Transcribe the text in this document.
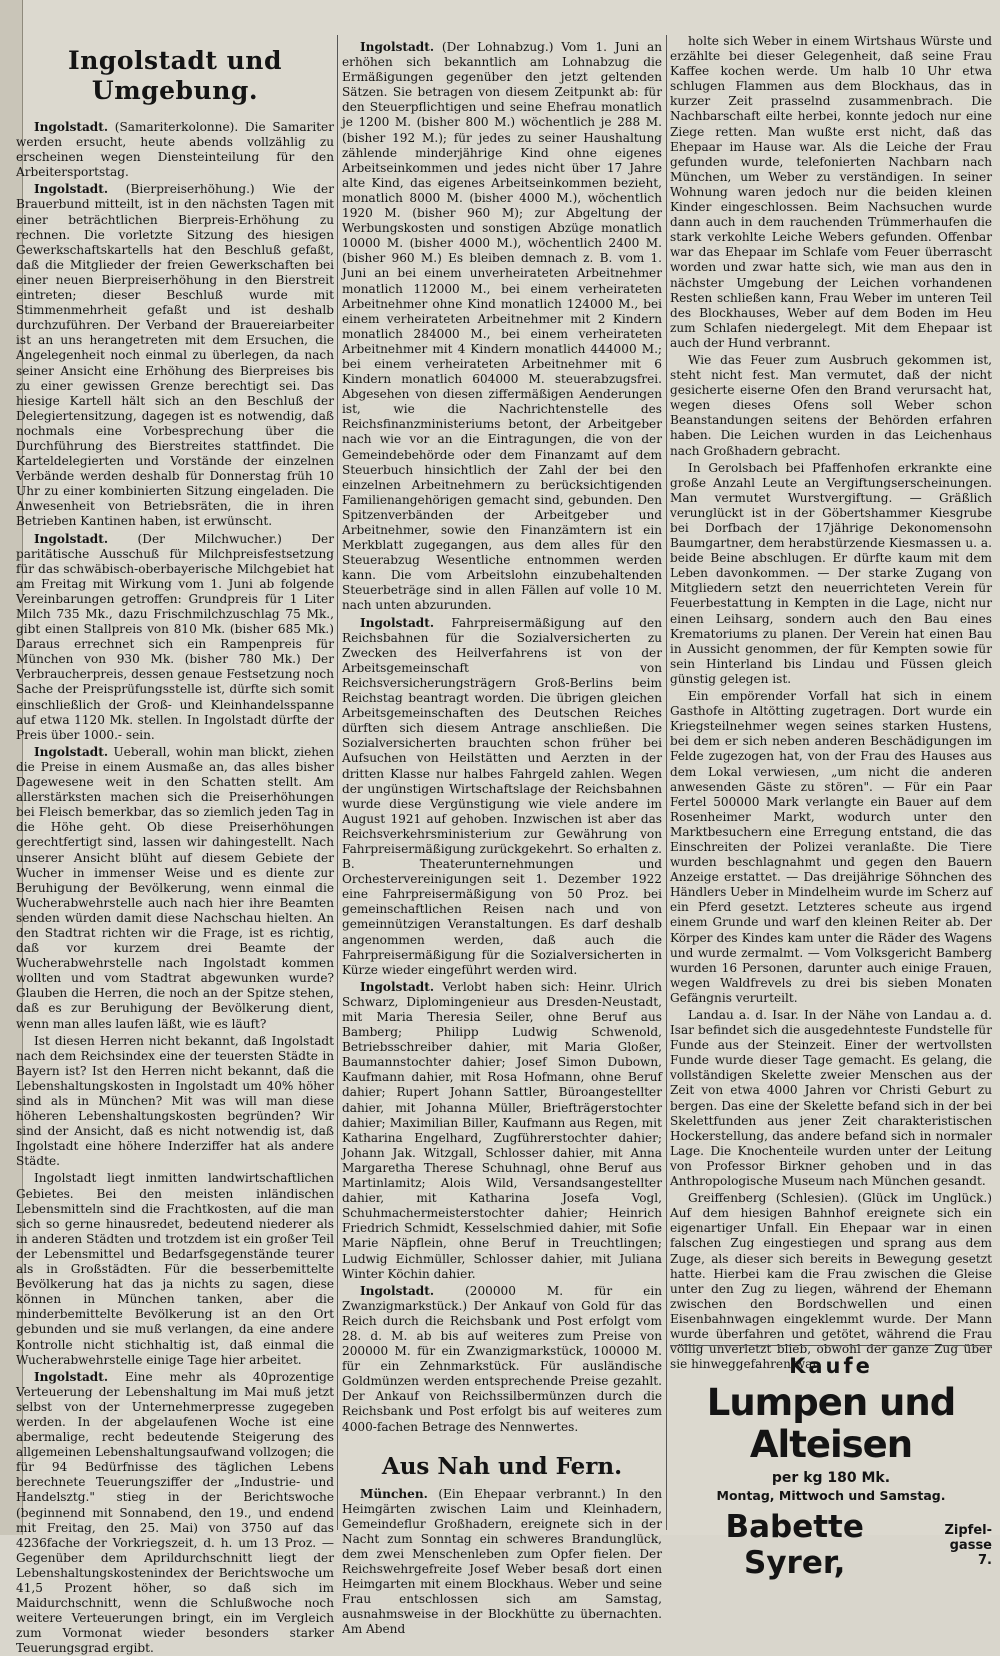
Ingolstadt und Umgebung.

Ingolstadt. (Samariterkolonne). Die Samariter werden ersucht, heute abends vollzählig zu erscheinen wegen Diensteinteilung für den Arbeitersportstag.

Ingolstadt. (Bierpreiserhöhung.) Wie der Brauerbund mitteilt, ist in den nächsten Tagen mit einer beträchtlichen Bierpreis-Erhöhung zu rechnen. Die vorletzte Sitzung des hiesigen Gewerkschaftskartells hat den Beschluß gefaßt, daß die Mitglieder der freien Gewerkschaften bei einer neuen Bierpreiserhöhung in den Bierstreit eintreten; dieser Beschluß wurde mit Stimmenmehrheit gefaßt und ist deshalb durchzuführen. Der Verband der Brauereiarbeiter ist an uns herangetreten mit dem Ersuchen, die Angelegenheit noch einmal zu überlegen, da nach seiner Ansicht eine Erhöhung des Bierpreises bis zu einer gewissen Grenze berechtigt sei. Das hiesige Kartell hält sich an den Beschluß der Delegiertensitzung, dagegen ist es notwendig, daß nochmals eine Vorbesprechung über die Durchführung des Bierstreites stattfindet. Die Karteldelegierten und Vorstände der einzelnen Verbände werden deshalb für Donnerstag früh 10 Uhr zu einer kombinierten Sitzung eingeladen. Die Anwesenheit von Betriebsräten, die in ihren Betrieben Kantinen haben, ist erwünscht.

Ingolstadt. (Der Milchwucher.) Der paritätische Ausschuß für Milchpreisfestsetzung für das schwäbisch-oberbayerische Milchgebiet hat am Freitag mit Wirkung vom 1. Juni ab folgende Vereinbarungen getroffen: Grundpreis für 1 Liter Milch 735 Mk., dazu Frischmilchzuschlag 75 Mk., gibt einen Stallpreis von 810 Mk. (bisher 685 Mk.) Daraus errechnet sich ein Rampenpreis für München von 930 Mk. (bisher 780 Mk.) Der Verbraucherpreis, dessen genaue Festsetzung noch Sache der Preisprüfungsstelle ist, dürfte sich somit einschließlich der Groß- und Kleinhandelsspanne auf etwa 1120 Mk. stellen. In Ingolstadt dürfte der Preis über 1000.- sein.

Ingolstadt. Ueberall, wohin man blickt, ziehen die Preise in einem Ausmaße an, das alles bisher Dagewesene weit in den Schatten stellt. Am allerstärksten machen sich die Preiserhöhungen bei Fleisch bemerkbar, das so ziemlich jeden Tag in die Höhe geht. Ob diese Preiserhöhungen gerechtfertigt sind, lassen wir dahingestellt. Nach unserer Ansicht blüht auf diesem Gebiete der Wucher in immenser Weise und es diente zur Beruhigung der Bevölkerung, wenn einmal die Wucherabwehrstelle auch nach hier ihre Beamten senden würden damit diese Nachschau hielten. An den Stadtrat richten wir die Frage, ist es richtig, daß vor kurzem drei Beamte der Wucherabwehrstelle nach Ingolstadt kommen wollten und vom Stadtrat abgewunken wurde? Glauben die Herren, die noch an der Spitze stehen, daß es zur Beruhigung der Bevölkerung dient, wenn man alles laufen läßt, wie es läuft?

Ist diesen Herren nicht bekannt, daß Ingolstadt nach dem Reichsindex eine der teuersten Städte in Bayern ist? Ist den Herren nicht bekannt, daß die Lebenshaltungskosten in Ingolstadt um 40% höher sind als in München? Mit was will man diese höheren Lebenshaltungskosten begründen? Wir sind der Ansicht, daß es nicht notwendig ist, daß Ingolstadt eine höhere Inderziffer hat als andere Städte.

Ingolstadt liegt inmitten landwirtschaftlichen Gebietes. Bei den meisten inländischen Lebensmitteln sind die Frachtkosten, auf die man sich so gerne hinausredet, bedeutend niederer als in anderen Städten und trotzdem ist ein großer Teil der Lebensmittel und Bedarfsgegenstände teurer als in Großstädten. Für die besserbemittelte Bevölkerung hat das ja nichts zu sagen, diese können in München tanken, aber die minderbemittelte Bevölkerung ist an den Ort gebunden und sie muß verlangen, da eine andere Kontrolle nicht stichhaltig ist, daß einmal die Wucherabwehrstelle einige Tage hier arbeitet.

Ingolstadt. Eine mehr als 40prozentige Verteuerung der Lebenshaltung im Mai muß jetzt selbst von der Unternehmerpresse zugegeben werden. In der abgelaufenen Woche ist eine abermalige, recht bedeutende Steigerung des allgemeinen Lebenshaltungsaufwand vollzogen; die für 94 Bedürfnisse des täglichen Lebens berechnete Teuerungsziffer der „Industrie- und Handelsztg." stieg in der Berichtswoche (beginnend mit Sonnabend, den 19., und endend mit Freitag, den 25. Mai) von 3750 auf das 4236fache der Vorkriegszeit, d. h. um 13 Proz. — Gegenüber dem Aprildurchschnitt liegt der Lebenshaltungskostenindex der Berichtswoche um 41,5 Prozent höher, so daß sich im Maidurchschnitt, wenn die Schlußwoche noch weitere Verteuerungen bringt, ein im Vergleich zum Vormonat wieder besonders starker Teuerungsgrad ergibt.

Ingolstadt. (Der Lohnabzug.) Vom 1. Juni an erhöhen sich bekanntlich am Lohnabzug die Ermäßigungen gegenüber den jetzt geltenden Sätzen. Sie betragen von diesem Zeitpunkt ab: für den Steuerpflichtigen und seine Ehefrau monatlich je 1200 M. (bisher 800 M.) wöchentlich je 288 M. (bisher 192 M.); für jedes zu seiner Haushaltung zählende minderjährige Kind ohne eigenes Arbeitseinkommen und jedes nicht über 17 Jahre alte Kind, das eigenes Arbeitseinkommen bezieht, monatlich 8000 M. (bisher 4000 M.), wöchentlich 1920 M. (bisher 960 M); zur Abgeltung der Werbungskosten und sonstigen Abzüge monatlich 10000 M. (bisher 4000 M.), wöchentlich 2400 M. (bisher 960 M.) Es bleiben demnach z. B. vom 1. Juni an bei einem unverheirateten Arbeitnehmer monatlich 112000 M., bei einem verheirateten Arbeitnehmer ohne Kind monatlich 124000 M., bei einem verheirateten Arbeitnehmer mit 2 Kindern monatlich 284000 M., bei einem verheirateten Arbeitnehmer mit 4 Kindern monatlich 444000 M.; bei einem verheirateten Arbeitnehmer mit 6 Kindern monatlich 604000 M. steuerabzugsfrei. Abgesehen von diesen ziffermäßigen Aenderungen ist, wie die Nachrichtenstelle des Reichsfinanzministeriums betont, der Arbeitgeber nach wie vor an die Eintragungen, die von der Gemeindebehörde oder dem Finanzamt auf dem Steuerbuch hinsichtlich der Zahl der bei den einzelnen Arbeitnehmern zu berücksichtigenden Familienangehörigen gemacht sind, gebunden. Den Spitzenverbänden der Arbeitgeber und Arbeitnehmer, sowie den Finanzämtern ist ein Merkblatt zugegangen, aus dem alles für den Steuerabzug Wesentliche entnommen werden kann. Die vom Arbeitslohn einzubehaltenden Steuerbeträge sind in allen Fällen auf volle 10 M. nach unten abzurunden.

Ingolstadt. Fahrpreisermäßigung auf den Reichsbahnen für die Sozialversicherten zu Zwecken des Heilverfahrens ist von der Arbeitsgemeinschaft von Reichsversicherungsträgern Groß-Berlins beim Reichstag beantragt worden. Die übrigen gleichen Arbeitsgemeinschaften des Deutschen Reiches dürften sich diesem Antrage anschließen. Die Sozialversicherten brauchten schon früher bei Aufsuchen von Heilstätten und Aerzten in der dritten Klasse nur halbes Fahrgeld zahlen. Wegen der ungünstigen Wirtschaftslage der Reichsbahnen wurde diese Vergünstigung wie viele andere im August 1921 auf gehoben. Inzwischen ist aber das Reichsverkehrsministerium zur Gewährung von Fahrpreisermäßigung zurückgekehrt. So erhalten z. B. Theaterunternehmungen und Orchestervereinigungen seit 1. Dezember 1922 eine Fahrpreisermäßigung von 50 Proz. bei gemeinschaftlichen Reisen nach und von gemeinnützigen Veranstaltungen. Es darf deshalb angenommen werden, daß auch die Fahrpreisermäßigung für die Sozialversicherten in Kürze wieder eingeführt werden wird.

Ingolstadt. Verlobt haben sich: Heinr. Ulrich Schwarz, Diplomingenieur aus Dresden-Neustadt, mit Maria Theresia Seiler, ohne Beruf aus Bamberg; Philipp Ludwig Schwenold, Betriebsschreiber dahier, mit Maria Gloßer, Baumannstochter dahier; Josef Simon Dubown, Kaufmann dahier, mit Rosa Hofmann, ohne Beruf dahier; Rupert Johann Sattler, Büroangestellter dahier, mit Johanna Müller, Briefträgerstochter dahier; Maximilian Biller, Kaufmann aus Regen, mit Katharina Engelhard, Zugführerstochter dahier; Johann Jak. Witzgall, Schlosser dahier, mit Anna Margaretha Therese Schuhnagl, ohne Beruf aus Martinlamitz; Alois Wild, Versandsangestellter dahier, mit Katharina Josefa Vogl, Schuhmachermeisterstochter dahier; Heinrich Friedrich Schmidt, Kesselschmied dahier, mit Sofie Marie Näpflein, ohne Beruf in Treuchtlingen; Ludwig Eichmüller, Schlosser dahier, mit Juliana Winter Köchin dahier.

Ingolstadt. (200000 M. für ein Zwanzigmarkstück.) Der Ankauf von Gold für das Reich durch die Reichsbank und Post erfolgt vom 28. d. M. ab bis auf weiteres zum Preise von 200000 M. für ein Zwanzigmarkstück, 100000 M. für ein Zehnmarkstück. Für ausländische Goldmünzen werden entsprechende Preise gezahlt. Der Ankauf von Reichssilbermünzen durch die Reichsbank und Post erfolgt bis auf weiteres zum 4000-fachen Betrage des Nennwertes.

Aus Nah und Fern.

München. (Ein Ehepaar verbrannt.) In den Heimgärten zwischen Laim und Kleinhadern, Gemeindeflur Großhadern, ereignete sich in der Nacht zum Sonntag ein schweres Brandunglück, dem zwei Menschenleben zum Opfer fielen. Der Reichswehrgefreite Josef Weber besaß dort einen Heimgarten mit einem Blockhaus. Weber und seine Frau entschlossen sich am Samstag, ausnahmsweise in der Blockhütte zu übernachten. Am Abend

holte sich Weber in einem Wirtshaus Würste und erzählte bei dieser Gelegenheit, daß seine Frau Kaffee kochen werde. Um halb 10 Uhr etwa schlugen Flammen aus dem Blockhaus, das in kurzer Zeit prasselnd zusammenbrach. Die Nachbarschaft eilte herbei, konnte jedoch nur eine Ziege retten. Man wußte erst nicht, daß das Ehepaar im Hause war. Als die Leiche der Frau gefunden wurde, telefonierten Nachbarn nach München, um Weber zu verständigen. In seiner Wohnung waren jedoch nur die beiden kleinen Kinder eingeschlossen. Beim Nachsuchen wurde dann auch in dem rauchenden Trümmerhaufen die stark verkohlte Leiche Webers gefunden. Offenbar war das Ehepaar im Schlafe vom Feuer überrascht worden und zwar hatte sich, wie man aus den in nächster Umgebung der Leichen vorhandenen Resten schließen kann, Frau Weber im unteren Teil des Blockhauses, Weber auf dem Boden im Heu zum Schlafen niedergelegt. Mit dem Ehepaar ist auch der Hund verbrannt.

Wie das Feuer zum Ausbruch gekommen ist, steht nicht fest. Man vermutet, daß der nicht gesicherte eiserne Ofen den Brand verursacht hat, wegen dieses Ofens soll Weber schon Beanstandungen seitens der Behörden erfahren haben. Die Leichen wurden in das Leichenhaus nach Großhadern gebracht.

In Gerolsbach bei Pfaffenhofen erkrankte eine große Anzahl Leute an Vergiftungserscheinungen. Man vermutet Wurstvergiftung. — Gräßlich verunglückt ist in der Göbertshammer Kiesgrube bei Dorfbach der 17jährige Dekonomensohn Baumgartner, dem herabstürzende Kiesmassen u. a. beide Beine abschlugen. Er dürfte kaum mit dem Leben davonkommen. — Der starke Zugang von Mitgliedern setzt den neuerrichteten Verein für Feuerbestattung in Kempten in die Lage, nicht nur einen Leihsarg, sondern auch den Bau eines Krematoriums zu planen. Der Verein hat einen Bau in Aussicht genommen, der für Kempten sowie für sein Hinterland bis Lindau und Füssen gleich günstig gelegen ist.

Ein empörender Vorfall hat sich in einem Gasthofe in Altötting zugetragen. Dort wurde ein Kriegsteilnehmer wegen seines starken Hustens, bei dem er sich neben anderen Beschädigungen im Felde zugezogen hat, von der Frau des Hauses aus dem Lokal verwiesen, „um nicht die anderen anwesenden Gäste zu stören". — Für ein Paar Fertel 500000 Mark verlangte ein Bauer auf dem Rosenheimer Markt, wodurch unter den Marktbesuchern eine Erregung entstand, die das Einschreiten der Polizei veranlaßte. Die Tiere wurden beschlagnahmt und gegen den Bauern Anzeige erstattet. — Das dreijährige Söhnchen des Händlers Ueber in Mindelheim wurde im Scherz auf ein Pferd gesetzt. Letzteres scheute aus irgend einem Grunde und warf den kleinen Reiter ab. Der Körper des Kindes kam unter die Räder des Wagens und wurde zermalmt. — Vom Volksgericht Bamberg wurden 16 Personen, darunter auch einige Frauen, wegen Waldfrevels zu drei bis sieben Monaten Gefängnis verurteilt.

Landau a. d. Isar. In der Nähe von Landau a. d. Isar befindet sich die ausgedehnteste Fundstelle für Funde aus der Steinzeit. Einer der wertvollsten Funde wurde dieser Tage gemacht. Es gelang, die vollständigen Skelette zweier Menschen aus der Zeit von etwa 4000 Jahren vor Christi Geburt zu bergen. Das eine der Skelette befand sich in der bei Skelettfunden aus jener Zeit charakteristischen Hockerstellung, das andere befand sich in normaler Lage. Die Knochenteile wurden unter der Leitung von Professor Birkner gehoben und in das Anthropologische Museum nach München gesandt.

Greiffenberg (Schlesien). (Glück im Unglück.) Auf dem hiesigen Bahnhof ereignete sich ein eigenartiger Unfall. Ein Ehepaar war in einen falschen Zug eingestiegen und sprang aus dem Zuge, als dieser sich bereits in Bewegung gesetzt hatte. Hierbei kam die Frau zwischen die Gleise unter den Zug zu liegen, während der Ehemann zwischen den Bordschwellen und einen Eisenbahnwagen eingeklemmt wurde. Der Mann wurde überfahren und getötet, während die Frau völlig unverletzt blieb, obwohl der ganze Zug über sie hinweggefahren war.

Kaufe
Lumpen und Alteisen
per kg 180 Mk.
Montag, Mittwoch und Samstag.
Babette Syrer,
Zipfel-
gasse 7.
